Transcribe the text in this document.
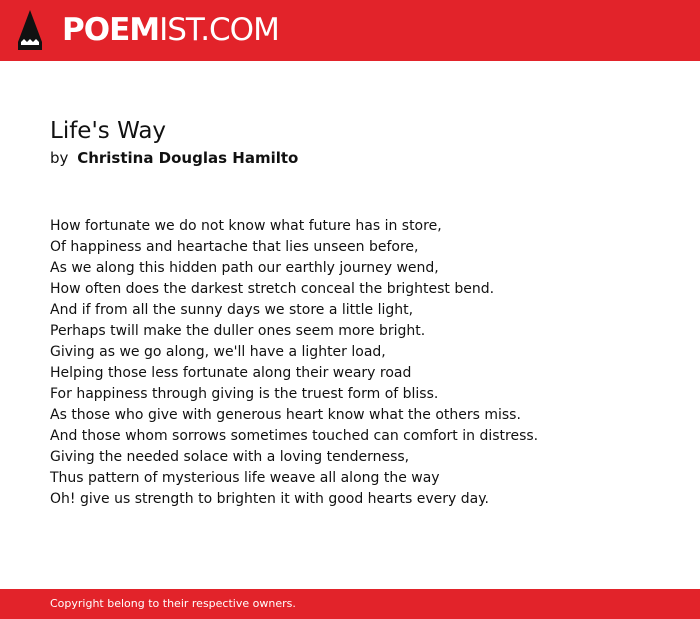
POEMIST.COM
Life's Way
by Christina Douglas Hamilto
How fortunate we do not know what future has in store,
Of happiness and heartache that lies unseen before,
As we along this hidden path our earthly journey wend,
How often does the darkest stretch conceal the brightest bend.
And if from all the sunny days we store a little light,
Perhaps twill make the duller ones seem more bright.
Giving as we go along, we'll have a lighter load,
Helping those less fortunate along their weary road
For happiness through giving is the truest form of bliss.
As those who give with generous heart know what the others miss.
And those whom sorrows sometimes touched can comfort in distress.
Giving the needed solace with a loving tenderness,
Thus pattern of mysterious life weave all along the way
Oh! give us strength to brighten it with good hearts every day.
Copyright belong to their respective owners.
